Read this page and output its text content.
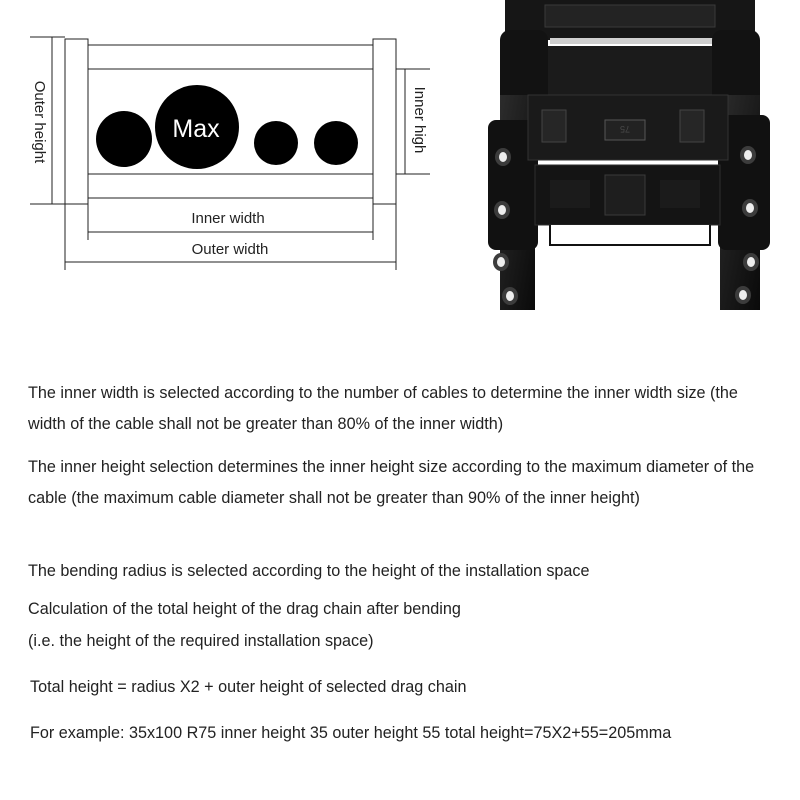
Max
Outer height	Inner high
Inner width
Outer width
75

The inner width is selected according to the number of cables to determine the inner width size (the width of the cable shall not be greater than 80% of the inner width)

The inner height selection determines the inner height size according to the maximum diameter of the cable (the maximum cable diameter shall not be greater than 90% of the inner height)

The bending radius is selected according to the height of the installation space

Calculation of the total height of the drag chain after bending

(i.e. the height of the required installation space)

Total height = radius X2 + outer height of selected drag chain

For example: 35x100 R75 inner height 35 outer height 55 total height=75X2+55=205mma
